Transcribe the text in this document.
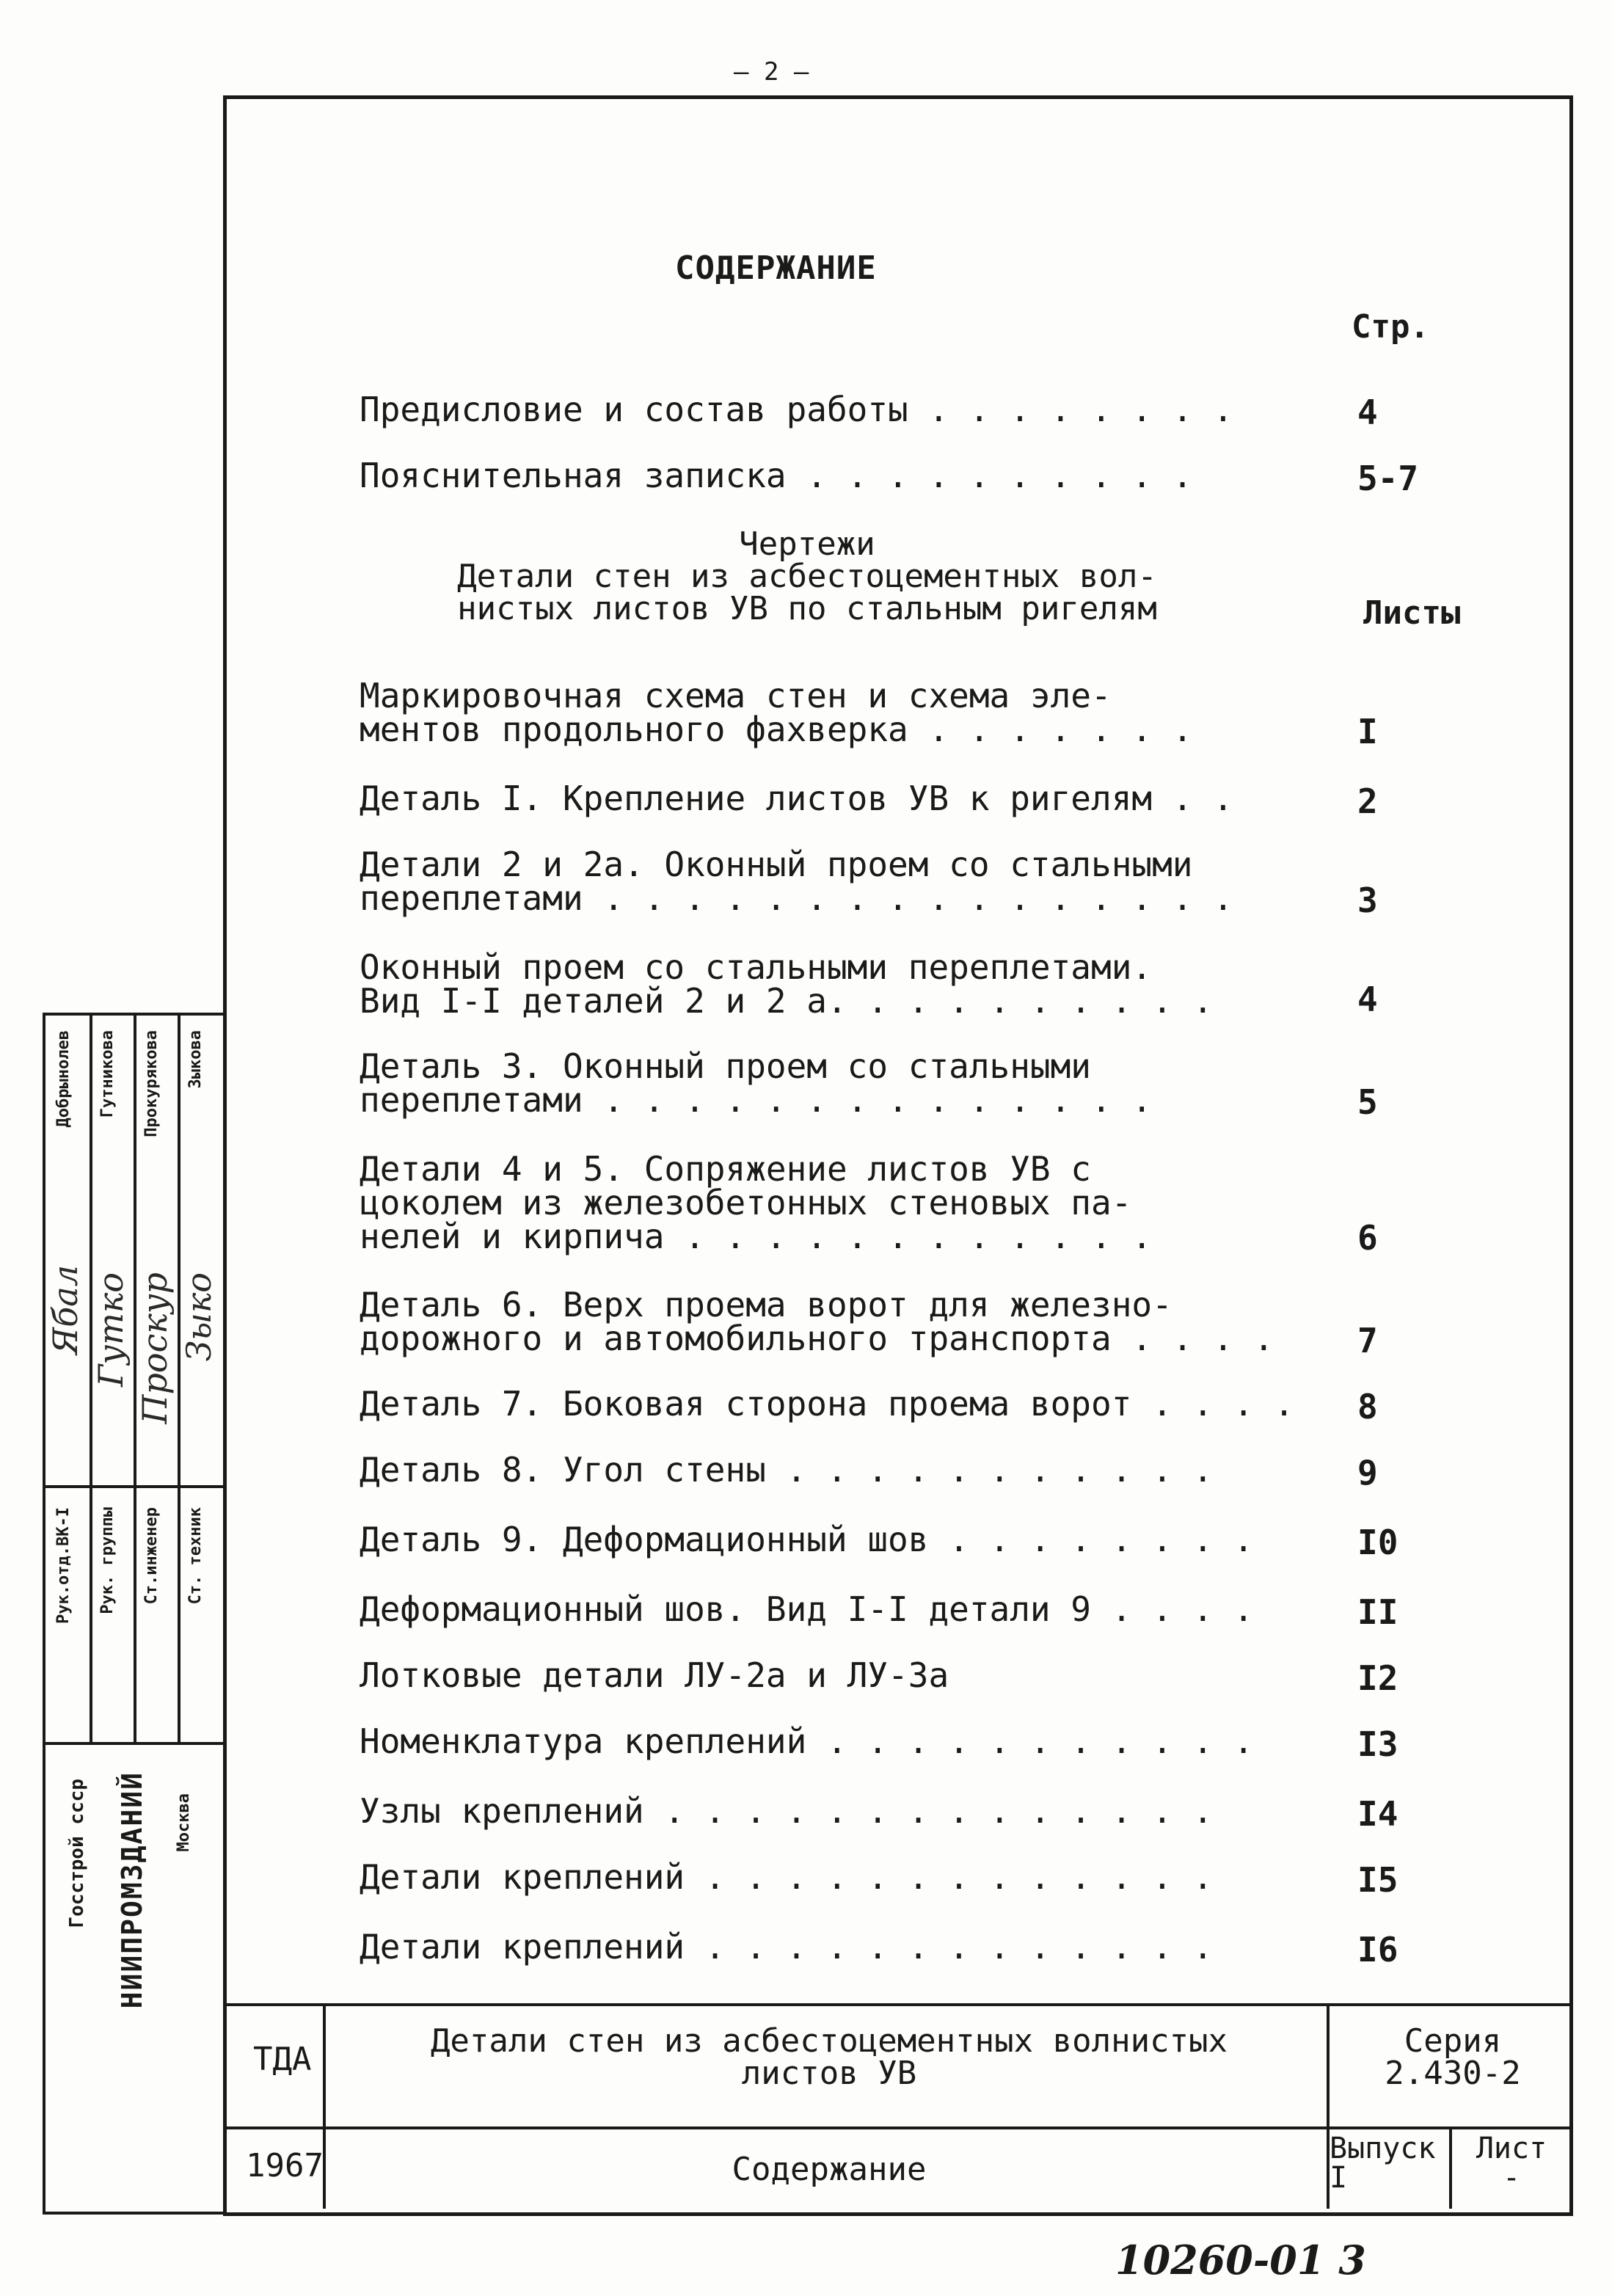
— 2 —
СОДЕРЖАНИЕ
Стр.
Предисловие и состав работы . . . . . . . .	4
Пояснительная записка . . . . . . . . . .	5-7
Чертежи
Детали стен из асбестоцементных вол-
нистых листов УВ по стальным ригелям	Листы
Маркировочная схема стен и схема эле-
ментов продольного фахверка . . . . . . .	I
Деталь I. Крепление листов УВ к ригелям . .	2
Детали 2 и 2а. Оконный проем со стальными
переплетами . . . . . . . . . . . . . . . .	3
Оконный проем со стальными переплетами.
Вид I-I деталей 2 и 2 а. . . . . . . . . .	4
Деталь 3. Оконный проем со стальными
переплетами . . . . . . . . . . . . . .	5
Детали 4 и 5. Сопряжение листов УВ с
цоколем из железобетонных стеновых па-
нелей и кирпича . . . . . . . . . . . .	6
Деталь 6. Верх проема ворот для железно-
дорожного и автомобильного транспорта . . . .	7
Деталь 7. Боковая сторона проема ворот . . . .	8
Деталь 8. Угол стены . . . . . . . . . . .	9
Деталь 9. Деформационный шов . . . . . . . .	I0
Деформационный шов. Вид I-I детали 9 . . . .	II
Лотковые детали ЛУ-2а и ЛУ-3а	I2
Номенклатура креплений . . . . . . . . . . .	I3
Узлы креплений . . . . . . . . . . . . . .	I4
Детали креплений . . . . . . . . . . . . .	I5
Детали креплений . . . . . . . . . . . . .	I6
Добрынолев Гутникова Прокурякова Зыкова
Ябал Гутко Проскур Зыко
Рук.отд.ВК-I Рук. группы Ст.инженер Ст. техник
Госстрой ссср НИИПРОМЗДАНИЙ Москва
ТДА	Детали стен из асбестоцементных волнистых
листов УВ
Серия
2.430-2
1967	Содержание
Выпуск
I
Лист
-
10260-01 3
